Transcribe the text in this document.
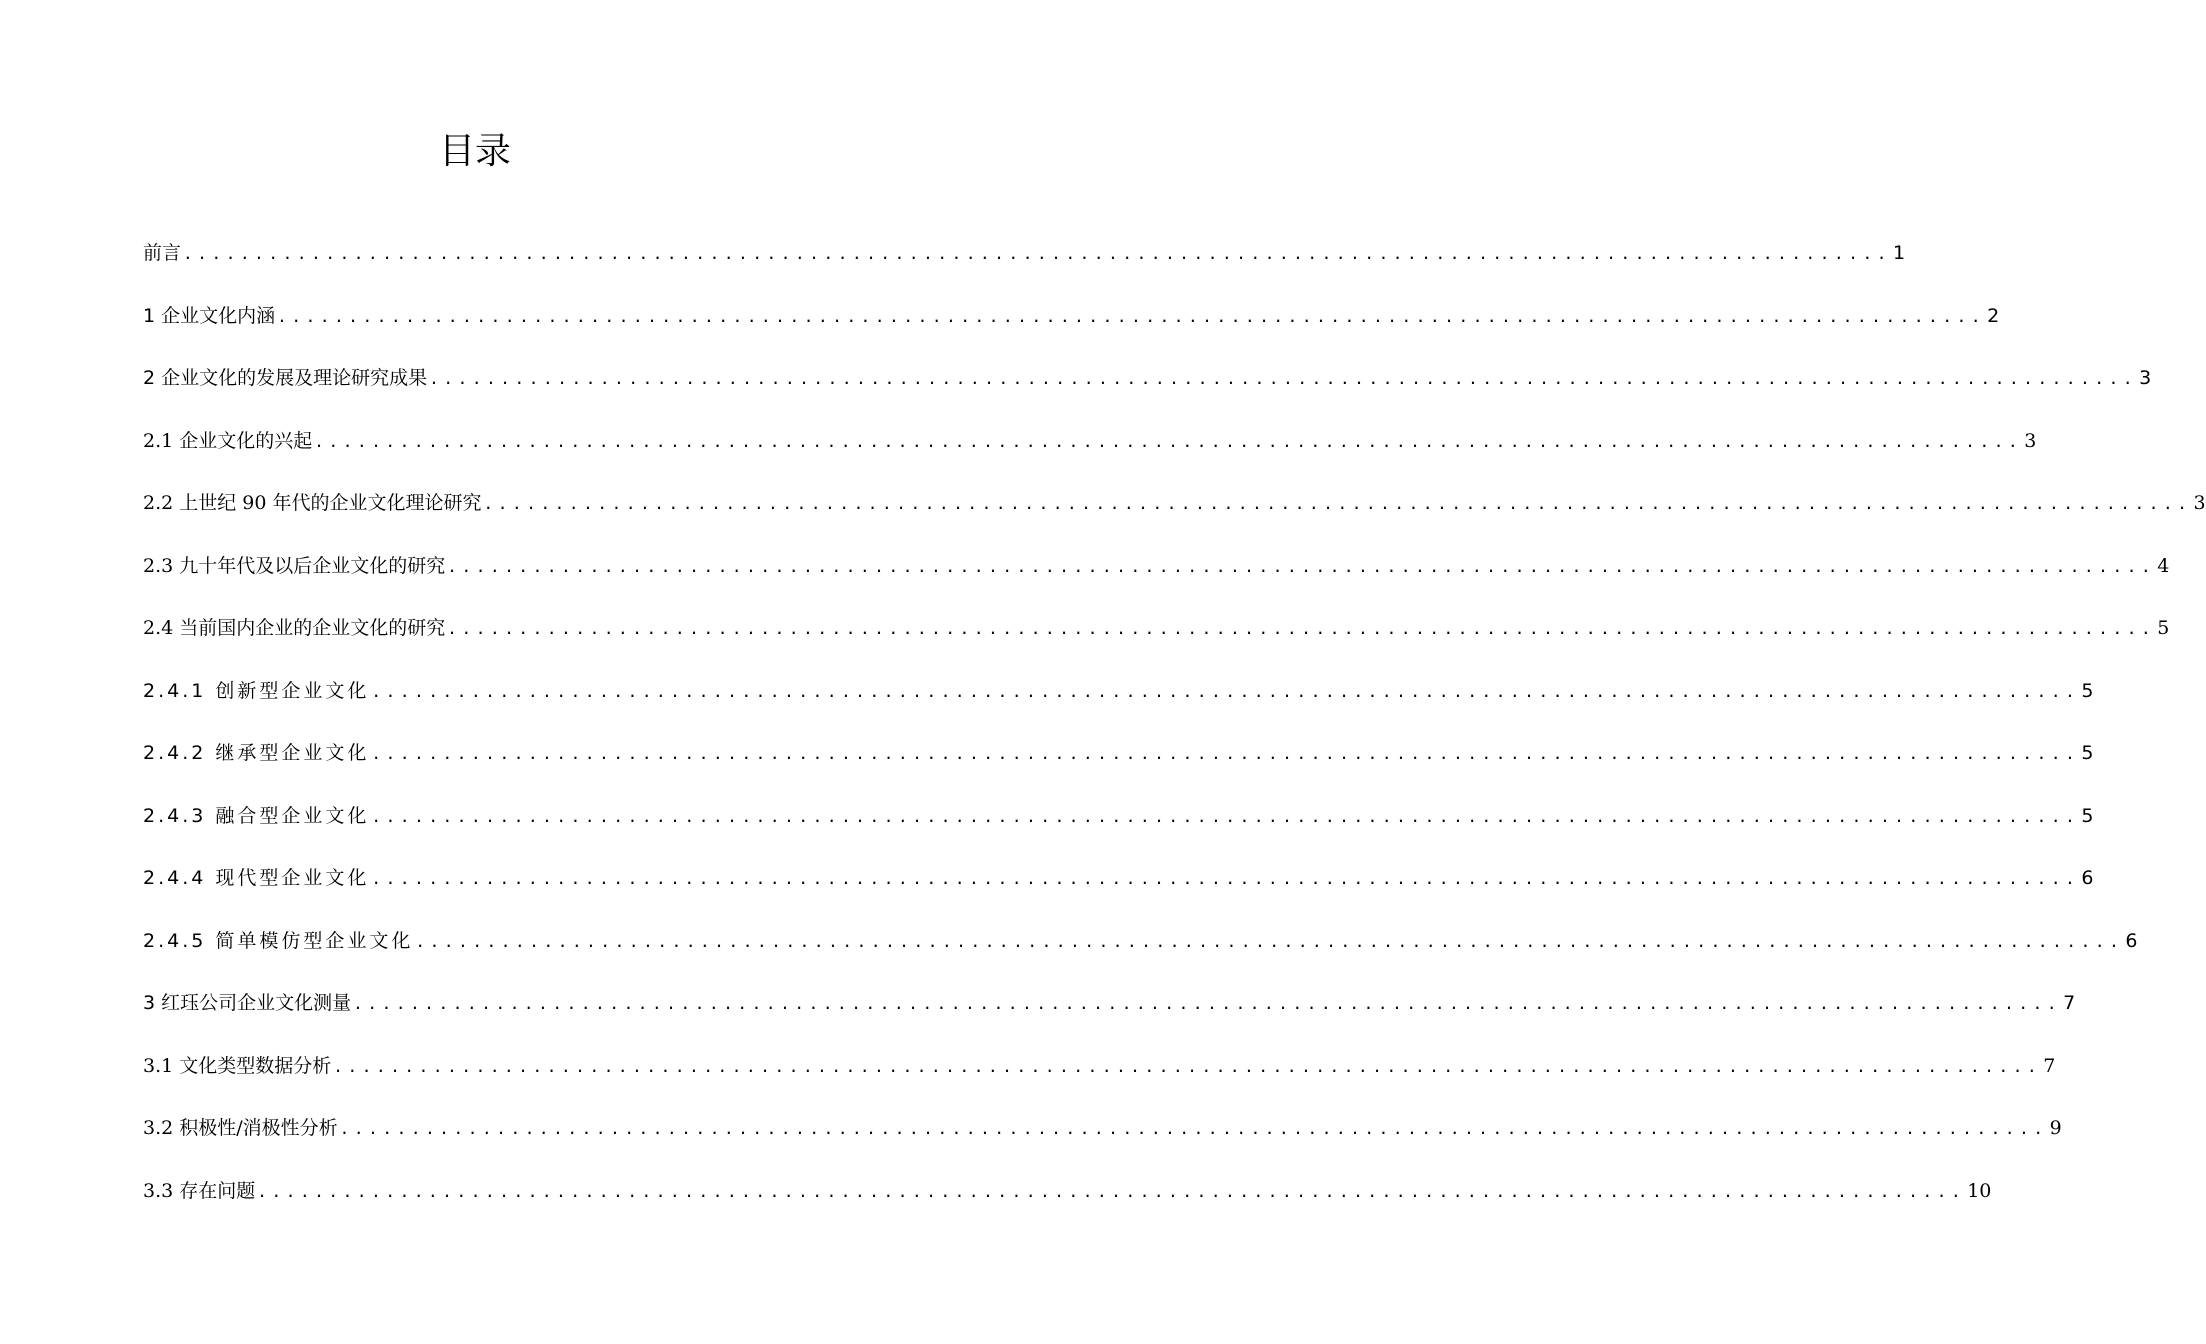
目录
前言 ........................................................................................................................ 1
1 企业文化内涵 ........................................................................................................................ 2
2 企业文化的发展及理论研究成果 ........................................................................................................................ 3
2.1 企业文化的兴起 ........................................................................................................................ 3
2.2 上世纪 90 年代的企业文化理论研究 ........................................................................................................................ 3
2.3 九十年代及以后企业文化的研究 ........................................................................................................................ 4
2.4 当前国内企业的企业文化的研究 ........................................................................................................................ 5
2.4.1 创新型企业文化 ........................................................................................................................ 5
2.4.2 继承型企业文化 ........................................................................................................................ 5
2.4.3 融合型企业文化 ........................................................................................................................ 5
2.4.4 现代型企业文化 ........................................................................................................................ 6
2.4.5 简单模仿型企业文化 ........................................................................................................................ 6
3 红珏公司企业文化测量 ........................................................................................................................ 7
3.1 文化类型数据分析 ........................................................................................................................ 7
3.2 积极性/消极性分析 ........................................................................................................................ 9
3.3 存在问题 ........................................................................................................................ 10
